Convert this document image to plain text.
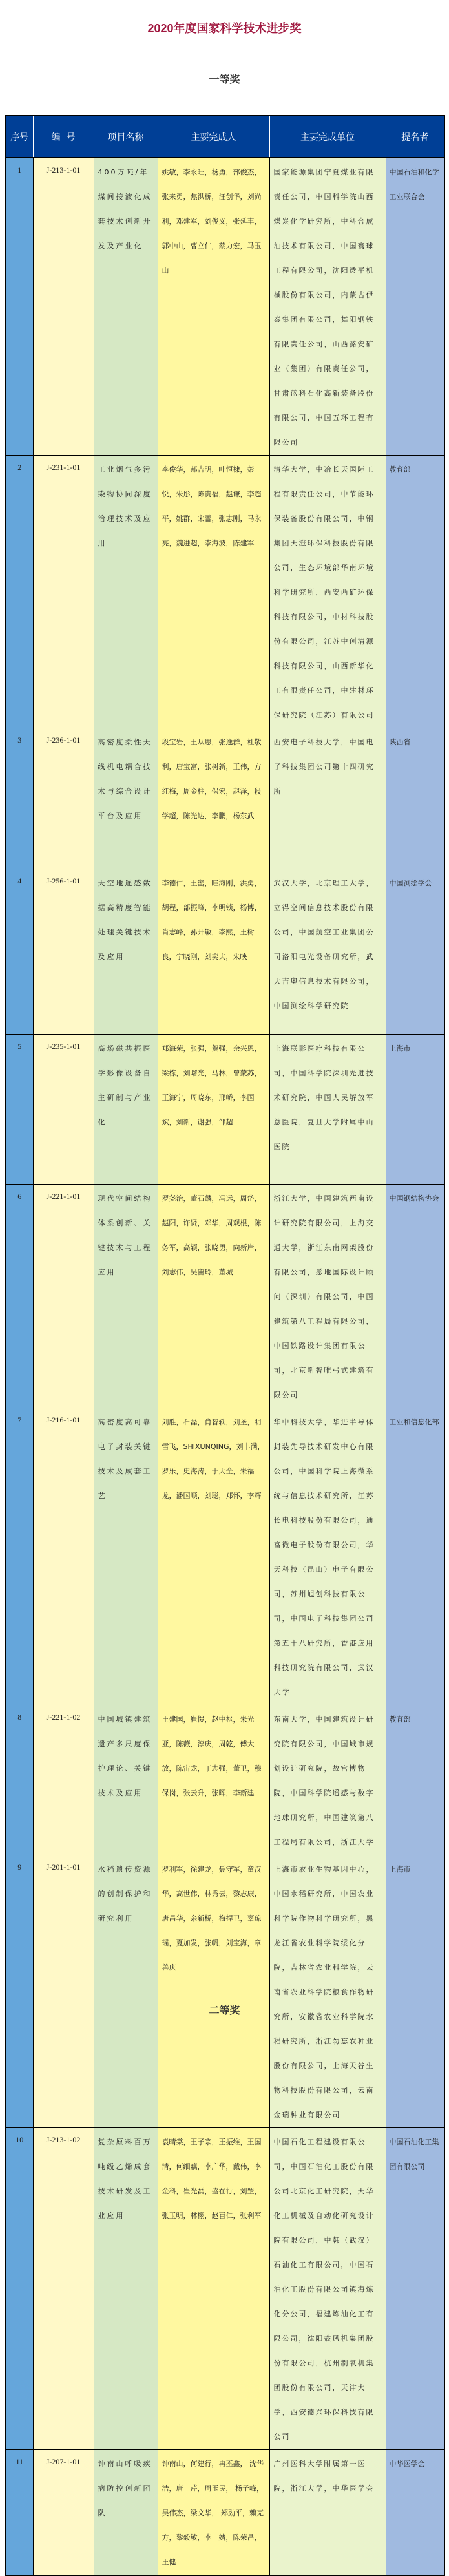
2020年度国家科学技术进步奖
一等奖
序号	编  号	项目名称	主要完成人	主要完成单位	提名者
1	J-213-1-01	400万吨/年煤间接液化成套技术创新开发及产业化	姚敏，李永旺，杨勇，部俊杰，张来勇，焦洪桥，汪创华，刘尚利，邓建军，刘俊义，张延丰，郭中山，曹立仁，蔡力宏，马玉山	国家能源集团宁夏煤业有限责任公司，中国科学院山西煤炭化学研究所，中科合成油技术有限公司，中国寰球工程有限公司，沈阳透平机械股份有限公司，内蒙古伊泰集团有限公司，舞阳钢铁有限责任公司，山西潞安矿业（集团）有限责任公司，甘肃蓝科石化高新装备股份有限公司，中国五环工程有限公司	中国石油和化学工业联合会
2	J-231-1-01	工业烟气多污染物协同深度治理技术及应用	李俊华，郝吉明，叶恒棣，彭悦，朱彤，陈贵福，赵谦，李超平，姚群，宋蕾，张志刚，马永亮，魏进超，李海波，陈建军	清华大学，中冶长天国际工程有限责任公司，中节能环保装备股份有限公司，中钢集团天澄环保科技股份有限公司，生态环境部华南环境科学研究所，西安西矿环保科技有限公司，中材科技股份有限公司，江苏中创清源科技有限公司，山西新华化工有限责任公司，中建材环保研究院（江苏）有限公司	教育部
3	J-236-1-01	高密度柔性天线机电耦合技术与综合设计平台及应用	段宝岩，王从思，张逸群，杜敬利，唐宝富，张树新，王伟，方红梅，周金柱，保宏，赵泽，段学超，陈光达，李鹏，杨东武	西安电子科技大学，中国电子科技集团公司第十四研究所	陕西省
4	J-256-1-01	天空地遥感数据高精度智能处理关键技术及应用	李德仁，王密，眭海刚，洪勇，胡程，部振峰，李明锁，杨博，肖志峰，孙开敏，李熙，王树良，宁晓刚，刘奕夫，朱映	武汉大学，北京理工大学，立得空间信息技术股份有限公司，中国航空工业集团公司洛阳电光设备研究所，武大吉奥信息技术有限公司，中国测绘科学研究院	中国测绘学会
5	J-235-1-01	高场磁共振医学影像设备自主研制与产业化	郑海荣，张强，贺强，余兴恩，梁栋，刘曙光，马林，曾蒙苏，王海宁，周晓东，邢峤，李国斌，刘新，谢强，邹超	上海联影医疗科技有限公司，中国科学院深圳先进技术研究院，中国人民解放军总医院，复旦大学附属中山医院	上海市
6	J-221-1-01	现代空间结构体系创新、关键技术与工程应用	罗尧治，董石麟，冯远，周岱，赵阳，许贤，邓华，周观根，陈务军，高颖，张晓勇，向新岸，刘志伟，吴宙玲，董城	浙江大学，中国建筑西南设计研究院有限公司，上海交通大学，浙江东南网架股份有限公司，悉地国际设计顾问（深圳）有限公司，中国建筑第八工程局有限公司，中国铁路设计集团有限公司，北京新智唯弓式建筑有限公司	中国钢结构协会
7	J-216-1-01	高密度高可靠电子封装关键技术及成套工艺	刘胜，石磊，肖智轶，刘圣，明雪飞，SHIXUNQING，刘丰满，罗乐，史海涛，于大全，朱福龙，潘国顺，刘聪，郑怀，李辉	华中科技大学，华进半导体封装先导技术研发中心有限公司，中国科学院上海微系统与信息技术研究所，江苏长电科技股份有限公司，通富微电子股份有限公司，华天科技（昆山）电子有限公司，苏州旭创科技有限公司，中国电子科技集团公司第五十八研究所，香港应用科技研究院有限公司，武汉大学	工业和信息化部
8	J-221-1-02	中国城镇建筑遗产多尺度保护理论、关键技术及应用	王建国，崔愷，赵中枢，朱光亚，陈薇，淳庆，周乾，傅大放，陈宙龙，丁志强，董卫，穆保岗，张云升，张晖，李新建	东南大学，中国建筑设计研究院有限公司，中国城市规划设计研究院，故宫博物院，中国科学院遥感与数字地球研究所，中国建筑第八工程局有限公司，浙江大学	教育部
9	J-201-1-01	水稻遗传资源的创制保护和研究利用	罗利军，徐建龙，聂守军，童汉华，高世伟，林秀云，黎志康，唐昌华，余新桥，梅捍卫，辜琼瑶，夏加发，张帆，刘宝海，章善庆	上海市农业生物基因中心，中国水稻研究所，中国农业科学院作物科学研究所，黑龙江省农业科学院绥化分院，吉林省农业科学院，云南省农业科学院粮食作物研究所，安徽省农业科学院水稻研究所，浙江勿忘农种业股份有限公司，上海天谷生物科技股份有限公司，云南金瑞种业有限公司	上海市
10	J-213-1-02	复杂原料百万吨级乙烯成套技术研发及工业应用	袁晴棠，王子宗，王振维，王国清，何细藕，李广华，戴伟，李金科，崔光磊，盛在行，刘罡，张玉明，林栩，赵百仁，张利军	中国石化工程建设有限公司，中国石油化工股份有限公司北京化工研究院，天华化工机械及自动化研究设计院有限公司，中韩（武汉）石油化工有限公司，中国石油化工股份有限公司镇海炼化分公司，福建炼油化工有限公司，沈阳鼓风机集团股份有限公司，杭州制氧机集团股份有限公司，天津大学，西安德兴环保科技有限公司	中国石油化工集团有限公司
11	J-207-1-01	钟南山呼吸疾病防控创新团队	钟南山，何建行，冉丕鑫， 沈华浩，唐　芹，周玉民， 杨子峰，吴伟杰，梁文华， 郑劲平，赖克方，黎毅敏，李　婧，陈荣昌，王健	广州医科大学附属第一医院，浙江大学，中华医学会	中华医学会
二等奖
